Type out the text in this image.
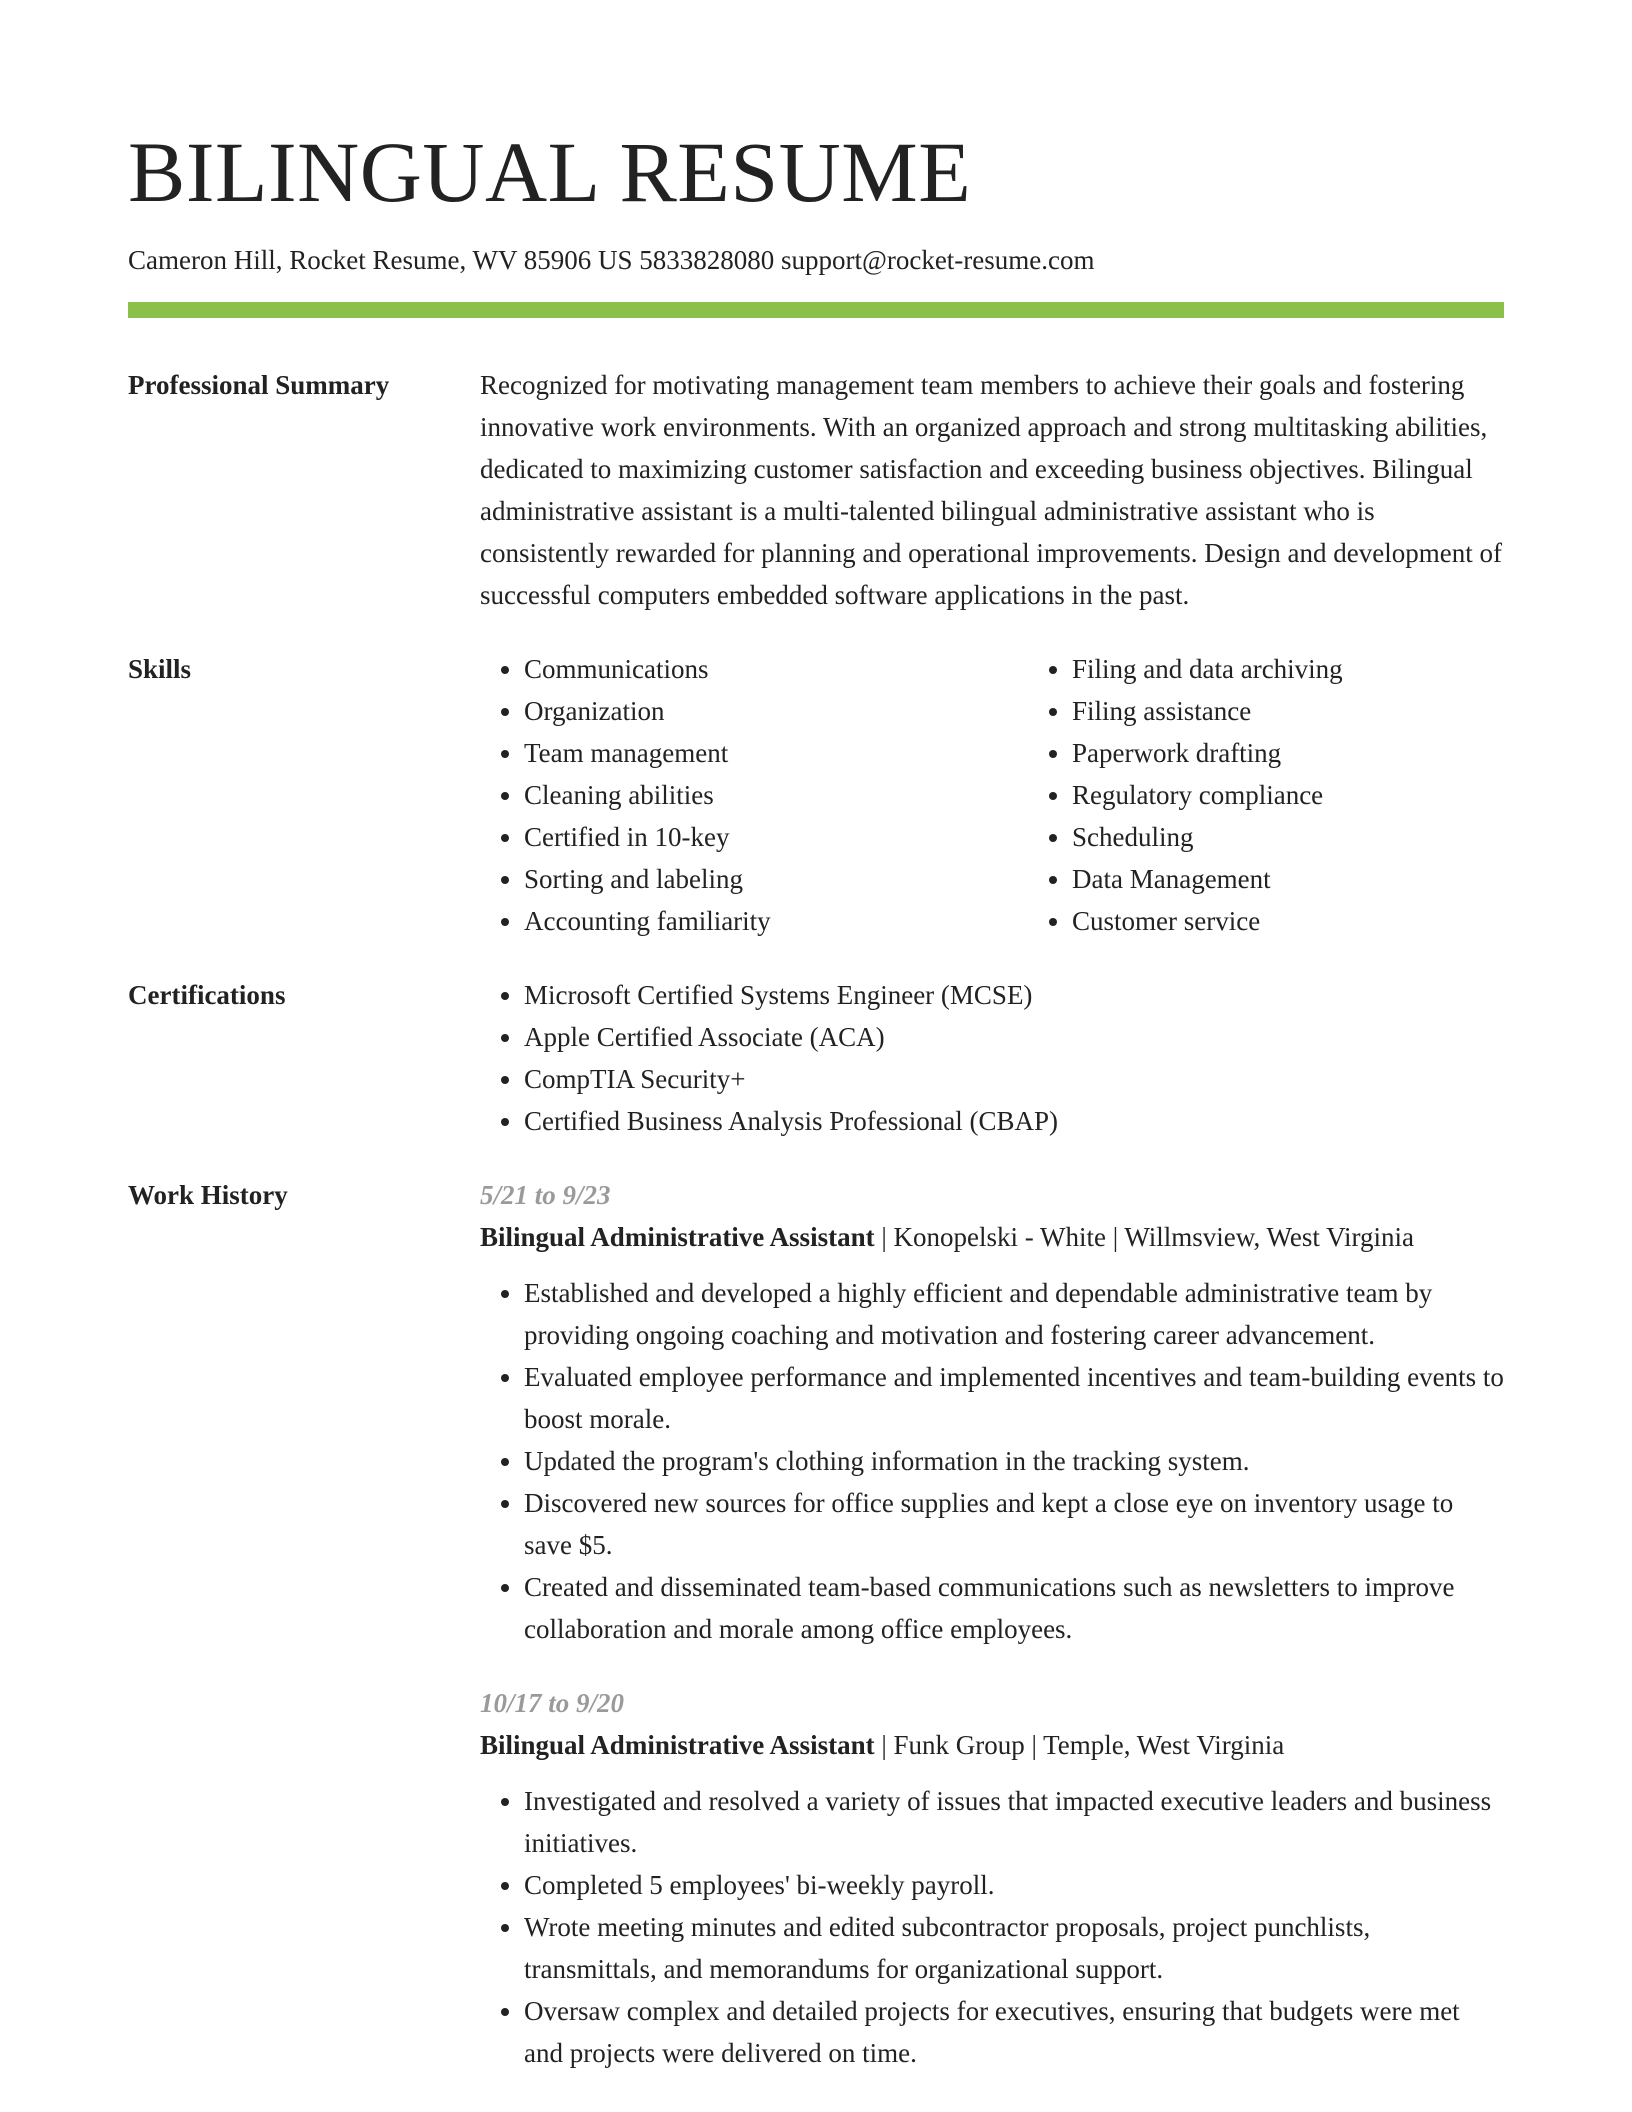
BILINGUAL RESUME
Cameron Hill, Rocket Resume, WV 85906 US 5833828080 support@rocket-resume.com
Professional Summary	Recognized for motivating management team members to achieve their goals and fostering innovative work environments. With an organized approach and strong multitasking abilities, dedicated to maximizing customer satisfaction and exceeding business objectives. Bilingual administrative assistant is a multi-talented bilingual administrative assistant who is consistently rewarded for planning and operational improvements. Design and development of successful computers embedded software applications in the past.

Skills	• Communications
• Organization
• Team management
• Cleaning abilities
• Certified in 10-key
• Sorting and labeling
• Accounting familiarity
• Filing and data archiving
• Filing assistance
• Paperwork drafting
• Regulatory compliance
• Scheduling
• Data Management
• Customer service
Certifications	• Microsoft Certified Systems Engineer (MCSE)
• Apple Certified Associate (ACA)
• CompTIA Security+
• Certified Business Analysis Professional (CBAP)
Work History	5/21 to 9/23
Bilingual Administrative Assistant | Konopelski - White | Willmsview, West Virginia
• Established and developed a highly efficient and dependable administrative team by providing ongoing coaching and motivation and fostering career advancement.
• Evaluated employee performance and implemented incentives and team-building events to boost morale.
• Updated the program's clothing information in the tracking system.
• Discovered new sources for office supplies and kept a close eye on inventory usage to save $5.
• Created and disseminated team-based communications such as newsletters to improve collaboration and morale among office employees.
10/17 to 9/20
Bilingual Administrative Assistant | Funk Group | Temple, West Virginia
• Investigated and resolved a variety of issues that impacted executive leaders and business initiatives.
• Completed 5 employees' bi-weekly payroll.
• Wrote meeting minutes and edited subcontractor proposals, project punchlists, transmittals, and memorandums for organizational support.
• Oversaw complex and detailed projects for executives, ensuring that budgets were met and projects were delivered on time.
